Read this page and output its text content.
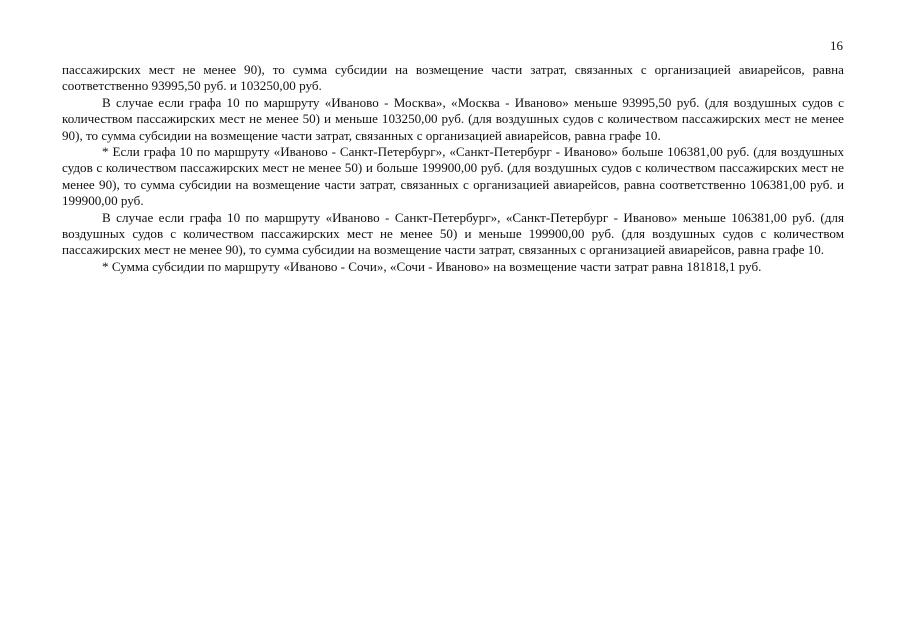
16

пассажирских мест не менее 90), то сумма субсидии на возмещение части затрат, связанных с организацией авиарейсов, равна соответственно 93995,50 руб. и 103250,00 руб.

В случае если графа 10 по маршруту «Иваново - Москва», «Москва - Иваново» меньше 93995,50 руб. (для воздушных судов с количеством пассажирских мест не менее 50) и меньше 103250,00 руб. (для воздушных судов с количеством пассажирских мест не менее 90), то сумма субсидии на возмещение части затрат, связанных с организацией авиарейсов, равна графе 10.

* Если графа 10 по маршруту «Иваново - Санкт-Петербург», «Санкт-Петербург - Иваново» больше 106381,00 руб. (для воздушных судов с количеством пассажирских мест не менее 50) и больше 199900,00 руб. (для воздушных судов с количеством пассажирских мест не менее 90), то сумма субсидии на возмещение части затрат, связанных с организацией авиарейсов, равна соответственно 106381,00 руб. и 199900,00 руб.

В случае если графа 10 по маршруту «Иваново - Санкт-Петербург», «Санкт-Петербург - Иваново» меньше 106381,00 руб. (для воздушных судов с количеством пассажирских мест не менее 50) и меньше 199900,00 руб. (для воздушных судов с количеством пассажирских мест не менее 90), то сумма субсидии на возмещение части затрат, связанных с организацией авиарейсов, равна графе 10.

* Сумма субсидии по маршруту «Иваново - Сочи», «Сочи - Иваново» на возмещение части затрат равна 181818,1 руб.
